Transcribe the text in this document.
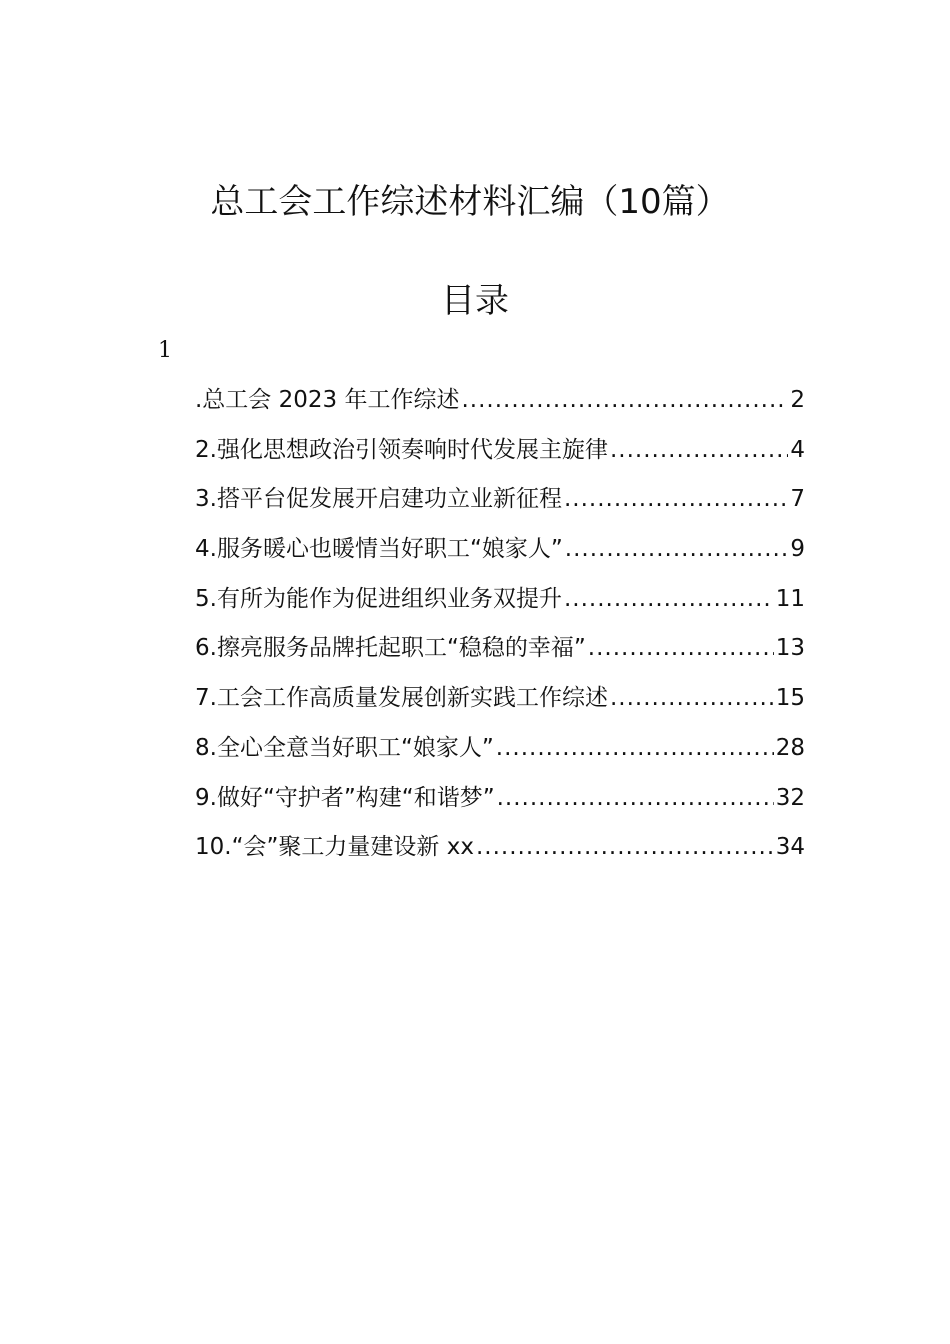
总工会工作综述材料汇编（10篇）
目录
1
.总工会 2023 年工作综述 .....	2
2.强化思想政治引领奏响时代发展主旋律 .....	4
3.搭平台促发展开启建功立业新征程 .....	7
4.服务暖心也暖情当好职工“娘家人” .....	9
5.有所为能作为促进组织业务双提升 .....	11
6.擦亮服务品牌托起职工“稳稳的幸福” .....	13
7.工会工作高质量发展创新实践工作综述 .....	15
8.全心全意当好职工“娘家人” .....	28
9.做好“守护者”构建“和谐梦” .....	32
10.“会”聚工力量建设新 xx .....	34
